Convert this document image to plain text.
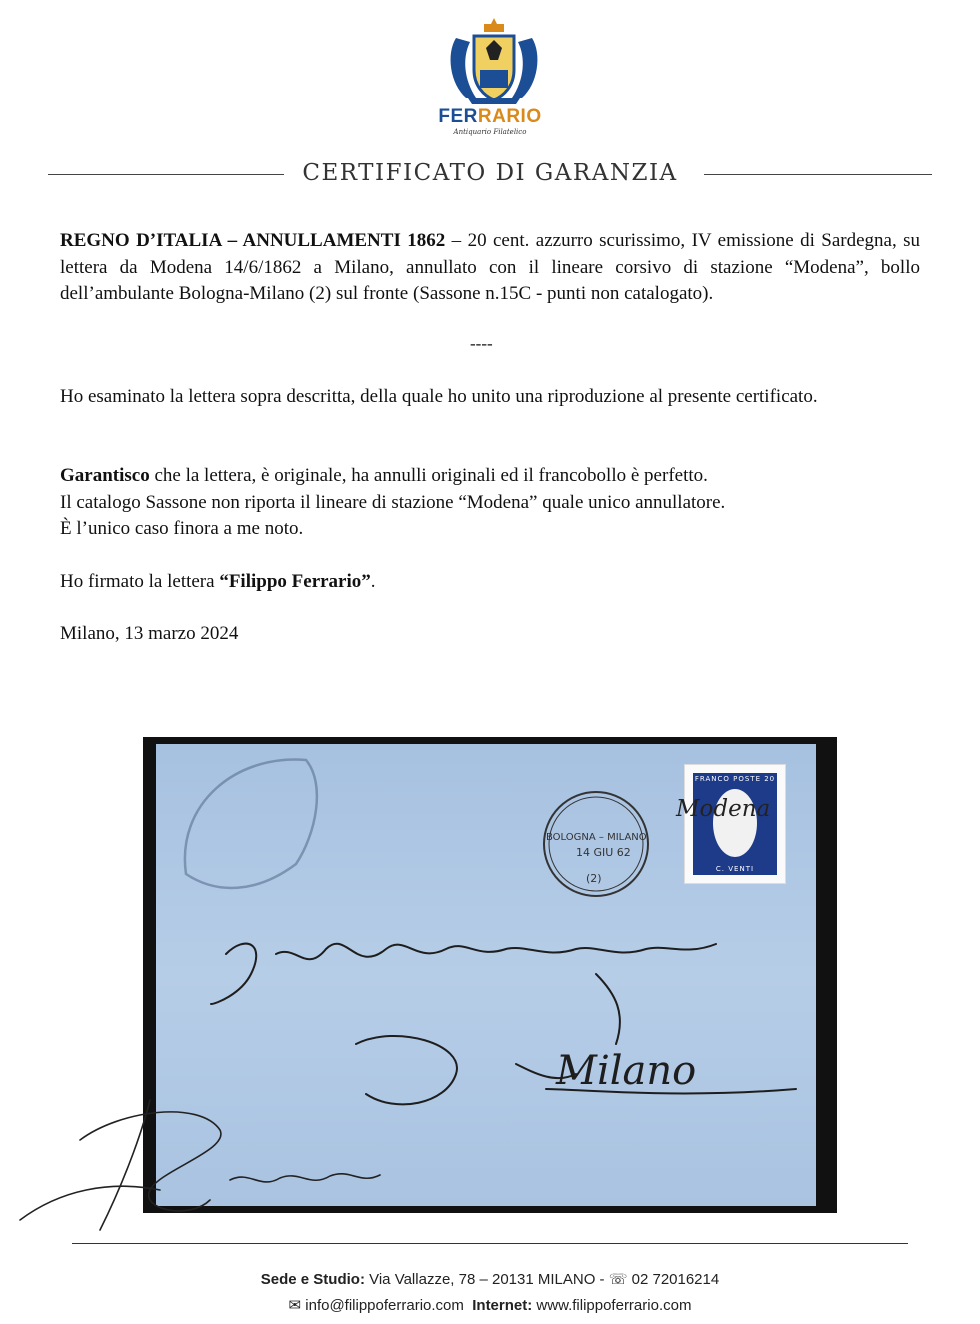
FERRARIO
Antiquario Filatelico
CERTIFICATO DI GARANZIA
REGNO D’ITALIA – ANNULLAMENTI 1862 – 20 cent. azzurro scurissimo, IV emissione di Sardegna, su lettera da Modena 14/6/1862 a Milano, annullato con il lineare corsivo di stazione “Modena”, bollo dell’ambulante Bologna-Milano (2) sul fronte (Sassone n.15C - punti non catalogato).
----
Ho esaminato la lettera sopra descritta, della quale ho unito una riproduzione al presente certificato.
Garantisco che la lettera, è originale, ha annulli originali ed il francobollo è perfetto.
Il catalogo Sassone non riporta il lineare di stazione “Modena” quale unico annullatore.
È l’unico caso finora a me noto.
Ho firmato la lettera “Filippo Ferrario”.
Milano, 13 marzo 2024
Milano
BOLOGNA – MILANO
14 GIU 62
(2)
FRANCO POSTE 20
C. VENTI
Modena
Sede e Studio: Via Vallazze, 78 – 20131 MILANO - ☏ 02 72016214
✉ info@filippoferrario.com Internet: www.filippoferrario.com
